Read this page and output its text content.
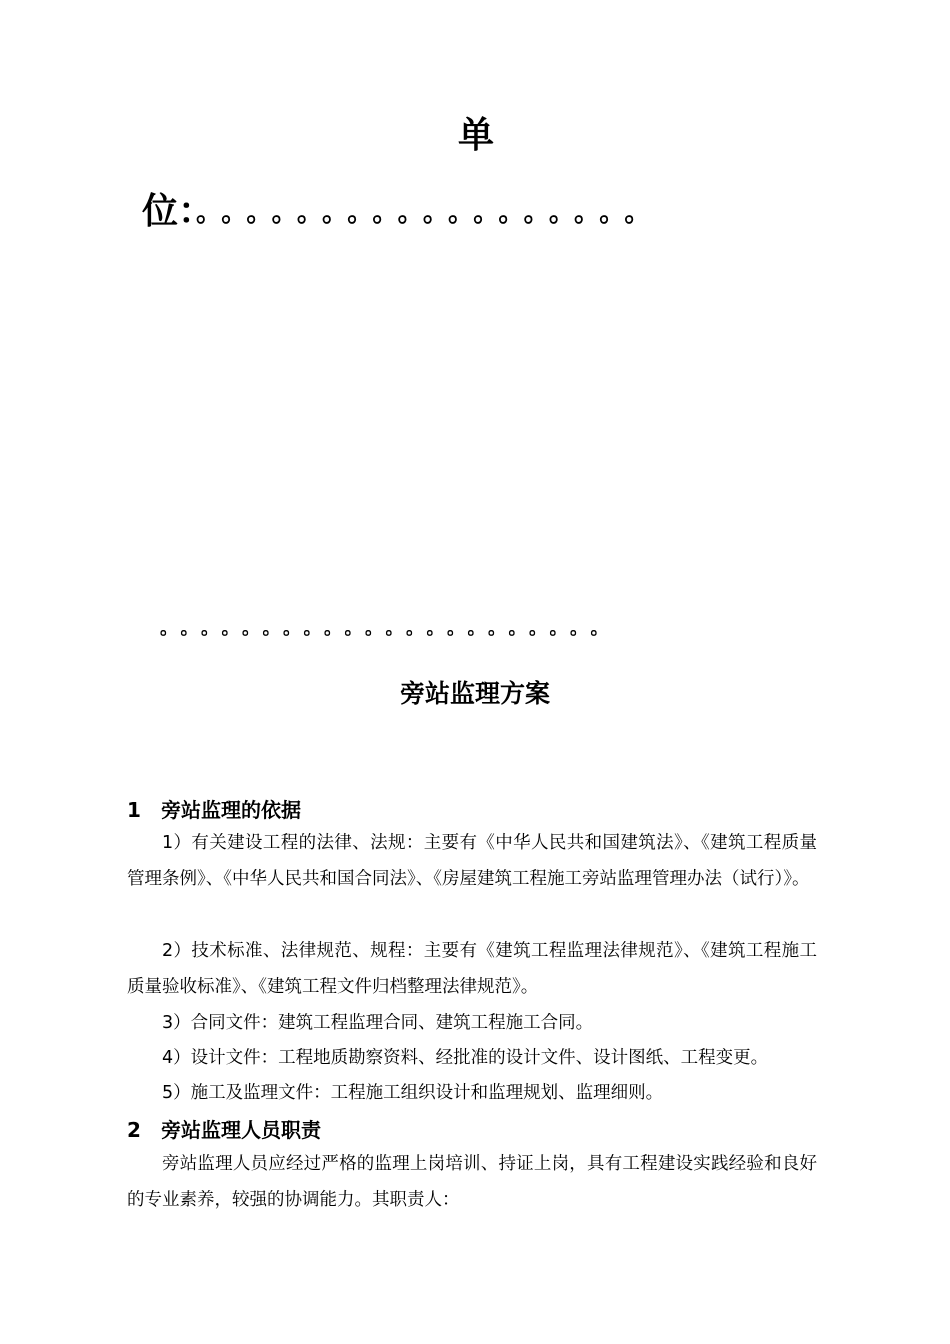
单
位：。。。。。。。。。。。。。。。。。。
。。。。。。。。。。。。。。。。。。。。。。
旁站监理方案
1 旁站监理的依据
1）有关建设工程的法律、法规：主要有《中华人民共和国建筑法》、《建筑工程质量管理条例》、《中华人民共和国合同法》、《房屋建筑工程施工旁站监理管理办法（试行）》。
2）技术标准、法律规范、规程：主要有《建筑工程监理法律规范》、《建筑工程施工质量验收标准》、《建筑工程文件归档整理法律规范》。
3）合同文件：建筑工程监理合同、建筑工程施工合同。
4）设计文件：工程地质勘察资料、经批准的设计文件、设计图纸、工程变更。
5）施工及监理文件：工程施工组织设计和监理规划、监理细则。
2 旁站监理人员职责
旁站监理人员应经过严格的监理上岗培训、持证上岗，具有工程建设实践经验和良好的专业素养，较强的协调能力。其职责人：
